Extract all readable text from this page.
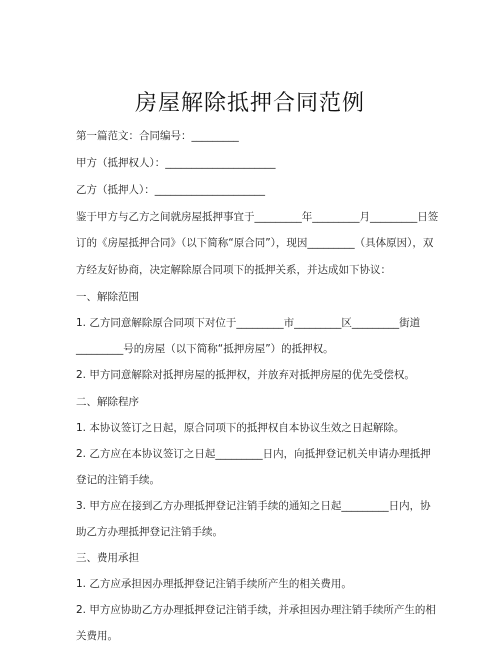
房屋解除抵押合同范例
第一篇范文：合同编号：_________
甲方（抵押权人）：_____________________
乙方（抵押人）：_____________________
鉴于甲方与乙方之间就房屋抵押事宜于_________年_________月_________日签
订的《房屋抵押合同》（以下简称“原合同”），现因_________（具体原因），双
方经友好协商，决定解除原合同项下的抵押关系，并达成如下协议：
一、解除范围
1. 乙方同意解除原合同项下对位于_________市_________区_________街道
_________号的房屋（以下简称“抵押房屋”）的抵押权。
2. 甲方同意解除对抵押房屋的抵押权，并放弃对抵押房屋的优先受偿权。
二、解除程序
1. 本协议签订之日起，原合同项下的抵押权自本协议生效之日起解除。
2. 乙方应在本协议签订之日起_________日内，向抵押登记机关申请办理抵押
登记的注销手续。
3. 甲方应在接到乙方办理抵押登记注销手续的通知之日起_________日内，协
助乙方办理抵押登记注销手续。
三、费用承担
1. 乙方应承担因办理抵押登记注销手续所产生的相关费用。
2. 甲方应协助乙方办理抵押登记注销手续，并承担因办理注销手续所产生的相
关费用。
